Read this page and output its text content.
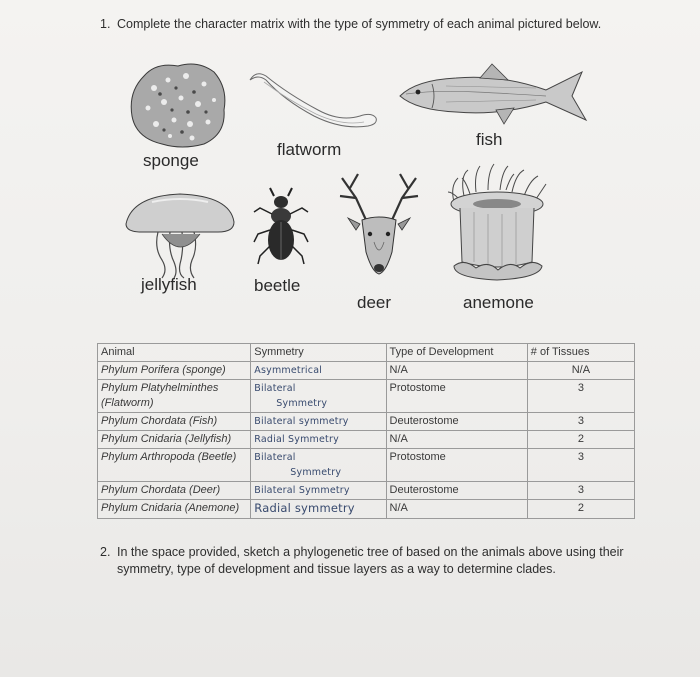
1. Complete the character matrix with the type of symmetry of each animal pictured below.
sponge
flatworm
fish
jellyfish	beetle
deer	anemone
Animal	Symmetry	Type of Development	# of Tissues
Phylum Porifera (sponge)	Asymmetrical	N/A	N/A

Phylum Platyhelminthes (Flatworm)	Bilateral
Symmetry	Protostome	3

Phylum Chordata (Fish)	Bilateral symmetry	Deuterostome	3

Phylum Cnidaria (Jellyfish)	Radial Symmetry	N/A	2

Phylum Arthropoda (Beetle)	Bilateral
Symmetry	Protostome	3

Phylum Chordata (Deer)	Bilateral Symmetry	Deuterostome	3

Phylum Cnidaria (Anemone)	Radial symmetry	N/A	2
2. In the space provided, sketch a phylogenetic tree of based on the animals above using their symmetry, type of development and tissue layers as a way to determine clades.
